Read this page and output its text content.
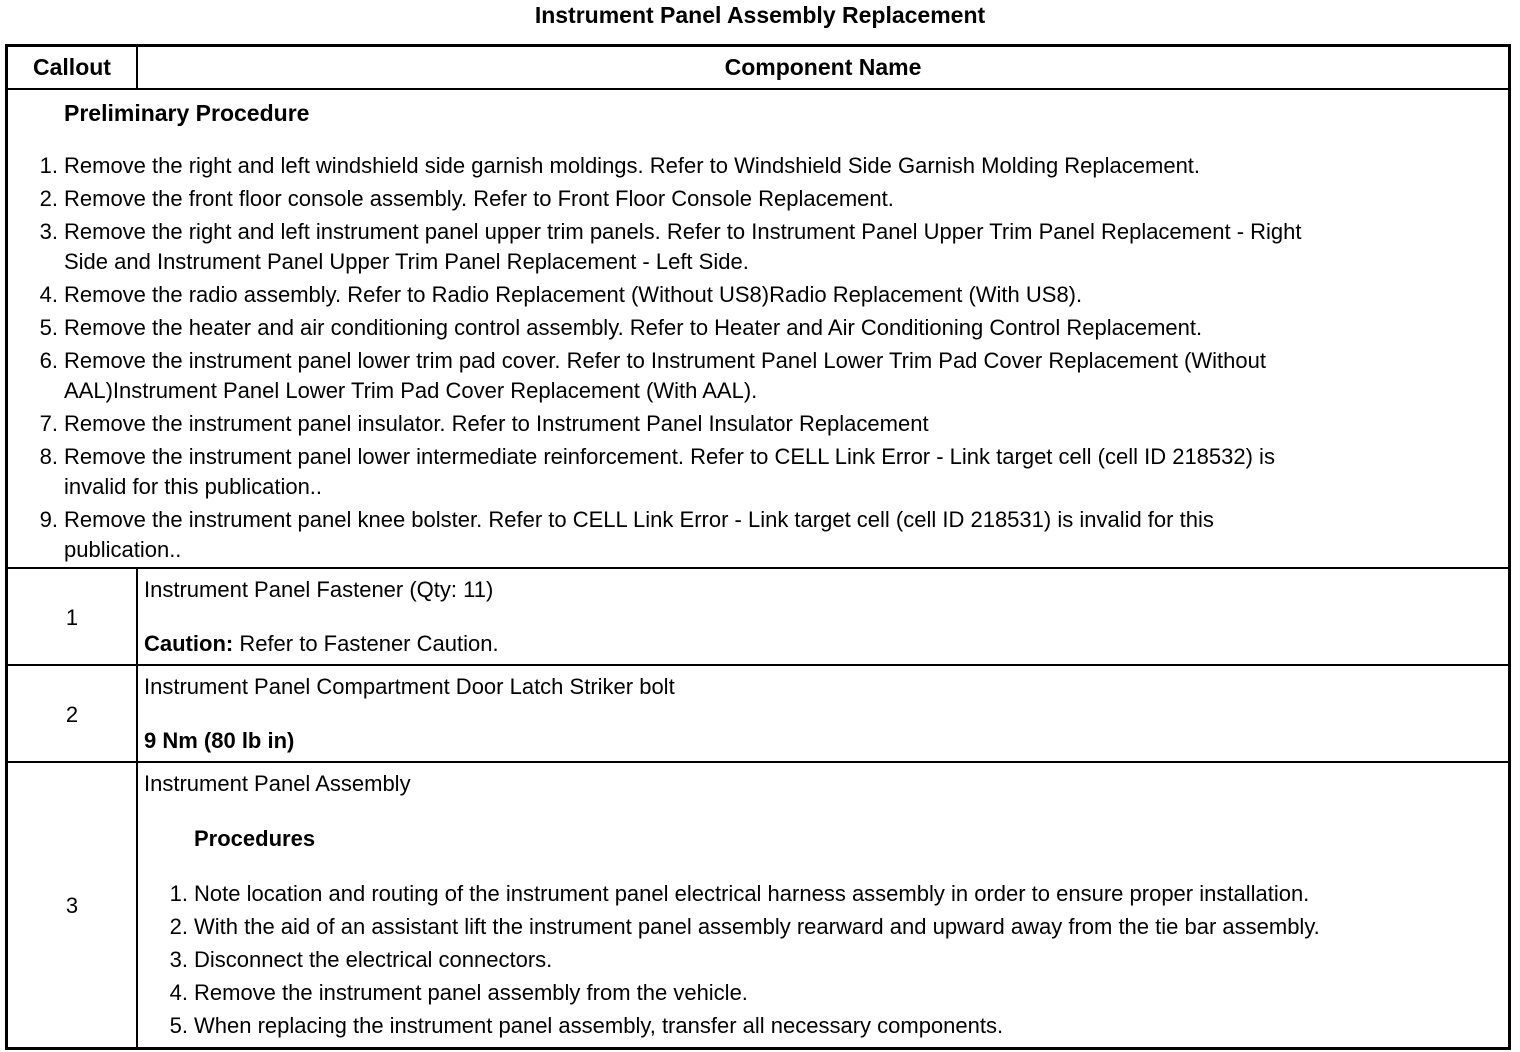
Instrument Panel Assembly Replacement
Callout	Component Name
Preliminary Procedure
1. Remove the right and left windshield side garnish moldings. Refer to Windshield Side Garnish Molding Replacement.
2. Remove the front floor console assembly. Refer to Front Floor Console Replacement.
3. Remove the right and left instrument panel upper trim panels. Refer to Instrument Panel Upper Trim Panel Replacement - Right
Side and Instrument Panel Upper Trim Panel Replacement - Left Side.
4. Remove the radio assembly. Refer to Radio Replacement (Without US8)Radio Replacement (With US8).
5. Remove the heater and air conditioning control assembly. Refer to Heater and Air Conditioning Control Replacement.
6. Remove the instrument panel lower trim pad cover. Refer to Instrument Panel Lower Trim Pad Cover Replacement (Without
AAL)Instrument Panel Lower Trim Pad Cover Replacement (With AAL).
7. Remove the instrument panel insulator. Refer to Instrument Panel Insulator Replacement
8. Remove the instrument panel lower intermediate reinforcement. Refer to CELL Link Error - Link target cell (cell ID 218532) is
invalid for this publication..
9. Remove the instrument panel knee bolster. Refer to CELL Link Error - Link target cell (cell ID 218531) is invalid for this
publication..
1
Instrument Panel Fastener (Qty: 11)
Caution: Refer to Fastener Caution.
2
Instrument Panel Compartment Door Latch Striker bolt
9 Nm (80 lb in)
3
Instrument Panel Assembly
Procedures
1. Note location and routing of the instrument panel electrical harness assembly in order to ensure proper installation.
2. With the aid of an assistant lift the instrument panel assembly rearward and upward away from the tie bar assembly.
3. Disconnect the electrical connectors.
4. Remove the instrument panel assembly from the vehicle.
5. When replacing the instrument panel assembly, transfer all necessary components.
